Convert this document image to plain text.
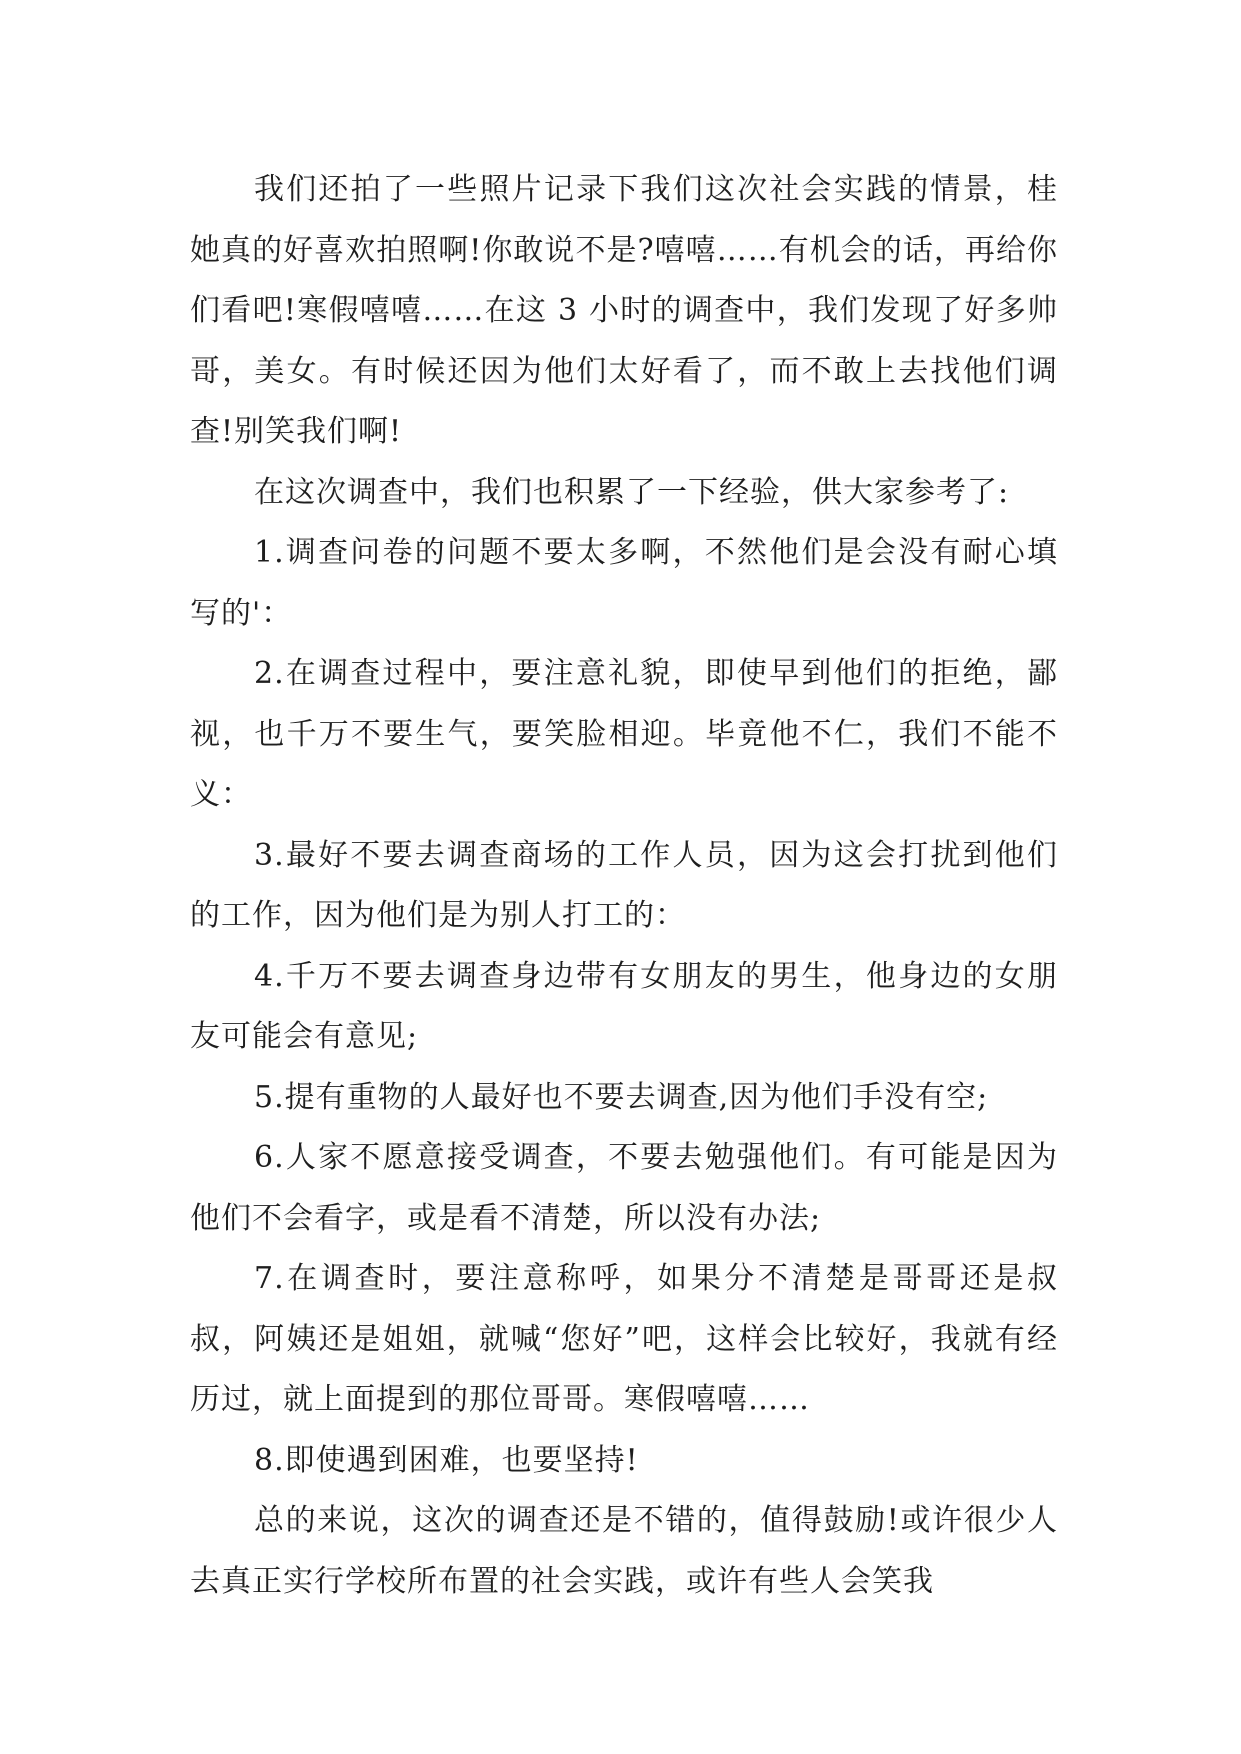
我们还拍了一些照片记录下我们这次社会实践的情景，桂她真的好喜欢拍照啊!你敢说不是?嘻嘻……有机会的话，再给你们看吧!寒假嘻嘻……在这 3 小时的调查中，我们发现了好多帅哥，美女。有时候还因为他们太好看了，而不敢上去找他们调查!别笑我们啊!

在这次调查中，我们也积累了一下经验，供大家参考了:

1.调查问卷的问题不要太多啊，不然他们是会没有耐心填写的'：

2.在调查过程中，要注意礼貌，即使早到他们的拒绝，鄙视，也千万不要生气，要笑脸相迎。毕竟他不仁，我们不能不义：

3.最好不要去调查商场的工作人员，因为这会打扰到他们的工作，因为他们是为别人打工的：

4.千万不要去调查身边带有女朋友的男生，他身边的女朋友可能会有意见;

5.提有重物的人最好也不要去调查,因为他们手没有空;

6.人家不愿意接受调查，不要去勉强他们。有可能是因为他们不会看字，或是看不清楚，所以没有办法;

7.在调查时，要注意称呼，如果分不清楚是哥哥还是叔叔，阿姨还是姐姐，就喊“您好”吧，这样会比较好，我就有经历过，就上面提到的那位哥哥。寒假嘻嘻……

8.即使遇到困难，也要坚持!

总的来说，这次的调查还是不错的，值得鼓励!或许很少人去真正实行学校所布置的社会实践，或许有些人会笑我
